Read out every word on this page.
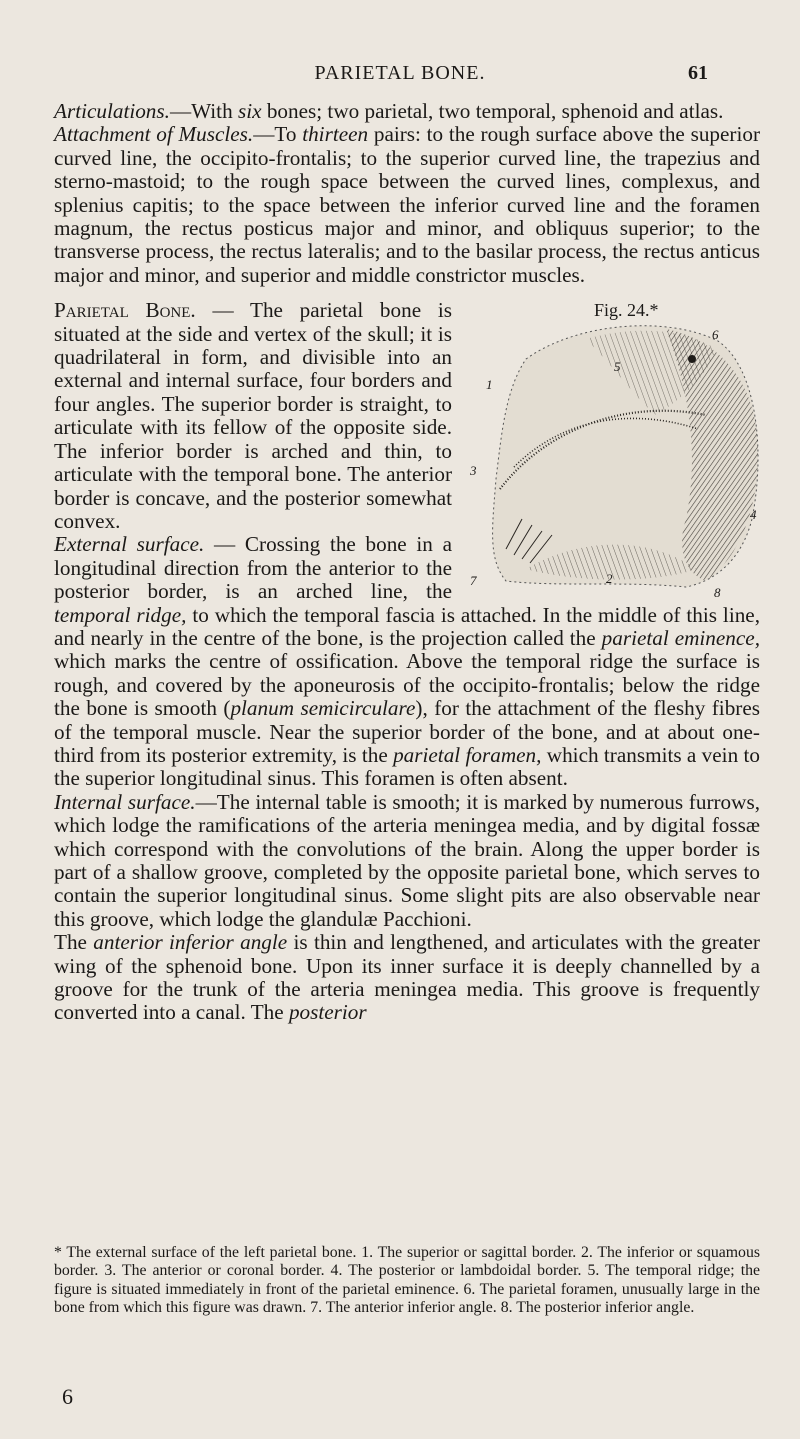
PARIETAL BONE.	61

Articulations.—With six bones; two parietal, two temporal, sphenoid and atlas.

Attachment of Muscles.—To thirteen pairs: to the rough surface above the superior curved line, the occipito-frontalis; to the superior curved line, the trapezius and sterno-mastoid; to the rough space between the curved lines, complexus, and splenius capitis; to the space between the inferior curved line and the foramen magnum, the rectus posticus major and minor, and obliquus superior; to the transverse process, the rectus lateralis; and to the basilar process, the rectus anticus major and minor, and superior and middle constrictor muscles.

Fig. 24.*
6
1
3
5
4
7	2
8

Parietal Bone. — The parietal bone is situated at the side and vertex of the skull; it is quadrilateral in form, and divisible into an external and internal surface, four borders and four angles. The superior border is straight, to articulate with its fellow of the opposite side. The inferior border is arched and thin, to articulate with the temporal bone. The anterior border is concave, and the posterior somewhat convex.

External surface. — Crossing the bone in a longitudinal direction from the anterior to the posterior border, is an arched line, the temporal ridge, to which the temporal fascia is attached. In the middle of this line, and nearly in the centre of the bone, is the projection called the parietal eminence, which marks the centre of ossification. Above the temporal ridge the surface is rough, and covered by the aponeurosis of the occipito-frontalis; below the ridge the bone is smooth (planum semicirculare), for the attachment of the fleshy fibres of the temporal muscle. Near the superior border of the bone, and at about one-third from its posterior extremity, is the parietal foramen, which transmits a vein to the superior longitudinal sinus. This foramen is often absent.

Internal surface.—The internal table is smooth; it is marked by numerous furrows, which lodge the ramifications of the arteria meningea media, and by digital fossæ which correspond with the convolutions of the brain. Along the upper border is part of a shallow groove, completed by the opposite parietal bone, which serves to contain the superior longitudinal sinus. Some slight pits are also observable near this groove, which lodge the glandulæ Pacchioni.

The anterior inferior angle is thin and lengthened, and articulates with the greater wing of the sphenoid bone. Upon its inner surface it is deeply channelled by a groove for the trunk of the arteria meningea media. This groove is frequently converted into a canal. The posterior

* The external surface of the left parietal bone. 1. The superior or sagittal border. 2. The inferior or squamous border. 3. The anterior or coronal border. 4. The posterior or lambdoidal border. 5. The temporal ridge; the figure is situated immediately in front of the parietal eminence. 6. The parietal foramen, unusually large in the bone from which this figure was drawn. 7. The anterior inferior angle. 8. The posterior inferior angle.
6
